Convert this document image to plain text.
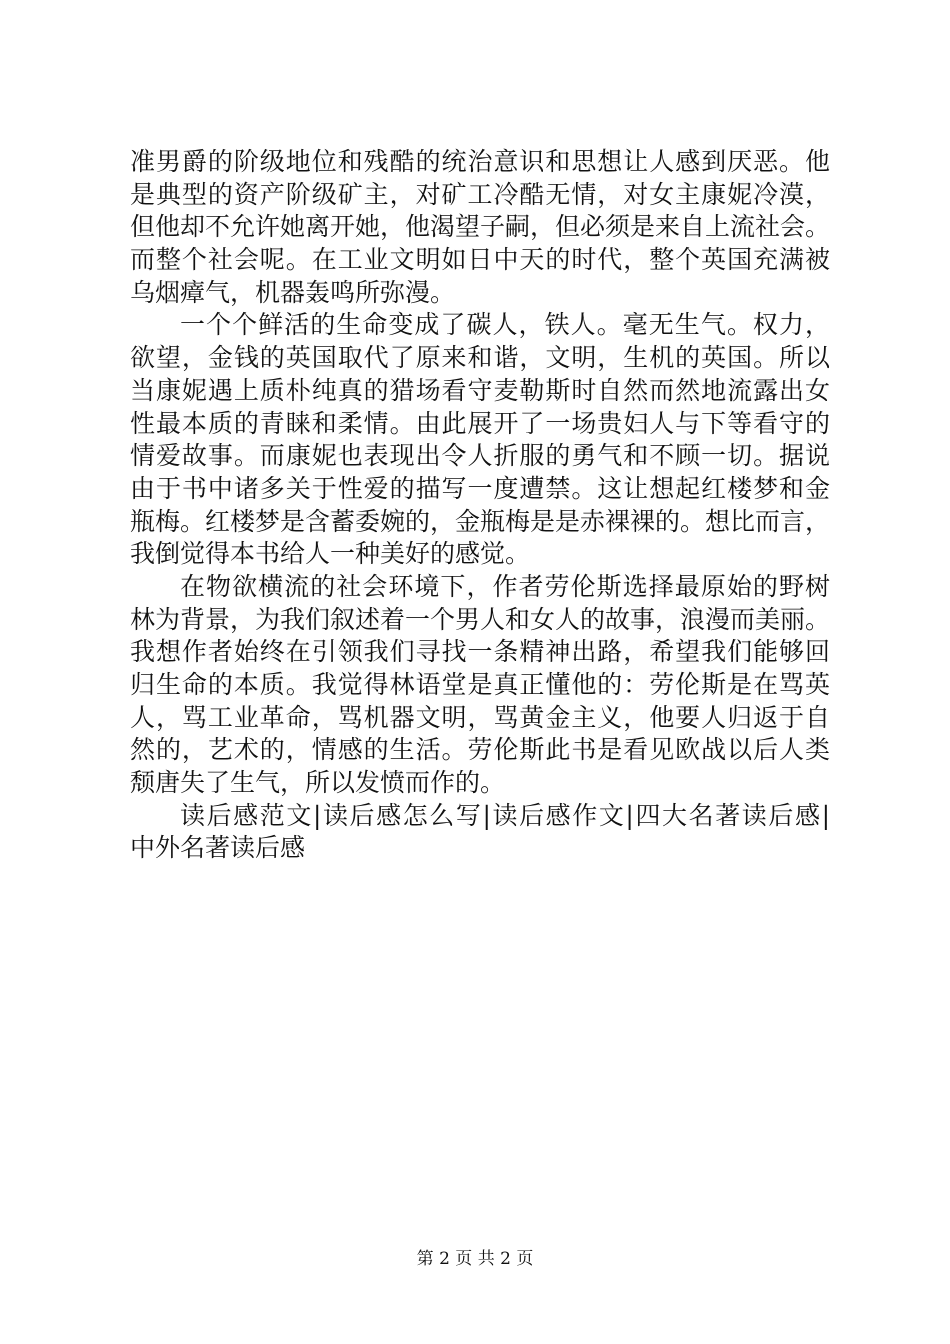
准男爵的阶级地位和残酷的统治意识和思想让人感到厌恶。他
是典型的资产阶级矿主，对矿工冷酷无情，对女主康妮冷漠，
但他却不允许她离开她，他渴望子嗣，但必须是来自上流社会。
而整个社会呢。在工业文明如日中天的时代，整个英国充满被
乌烟瘴气，机器轰鸣所弥漫。
一个个鲜活的生命变成了碳人，铁人。毫无生气。权力，
欲望，金钱的英国取代了原来和谐，文明，生机的英国。所以
当康妮遇上质朴纯真的猎场看守麦勒斯时自然而然地流露出女
性最本质的青睐和柔情。由此展开了一场贵妇人与下等看守的
情爱故事。而康妮也表现出令人折服的勇气和不顾一切。据说
由于书中诸多关于性爱的描写一度遭禁。这让想起红楼梦和金
瓶梅。红楼梦是含蓄委婉的，金瓶梅是是赤裸裸的。想比而言，
我倒觉得本书给人一种美好的感觉。
在物欲横流的社会环境下，作者劳伦斯选择最原始的野树
林为背景，为我们叙述着一个男人和女人的故事，浪漫而美丽。
我想作者始终在引领我们寻找一条精神出路，希望我们能够回
归生命的本质。我觉得林语堂是真正懂他的：劳伦斯是在骂英
人，骂工业革命，骂机器文明，骂黄金主义，他要人归返于自
然的，艺术的，情感的生活。劳伦斯此书是看见欧战以后人类
颓唐失了生气，所以发愤而作的。
读后感范文|读后感怎么写|读后感作文|四大名著读后感|
中外名著读后感
第 2 页 共 2 页
